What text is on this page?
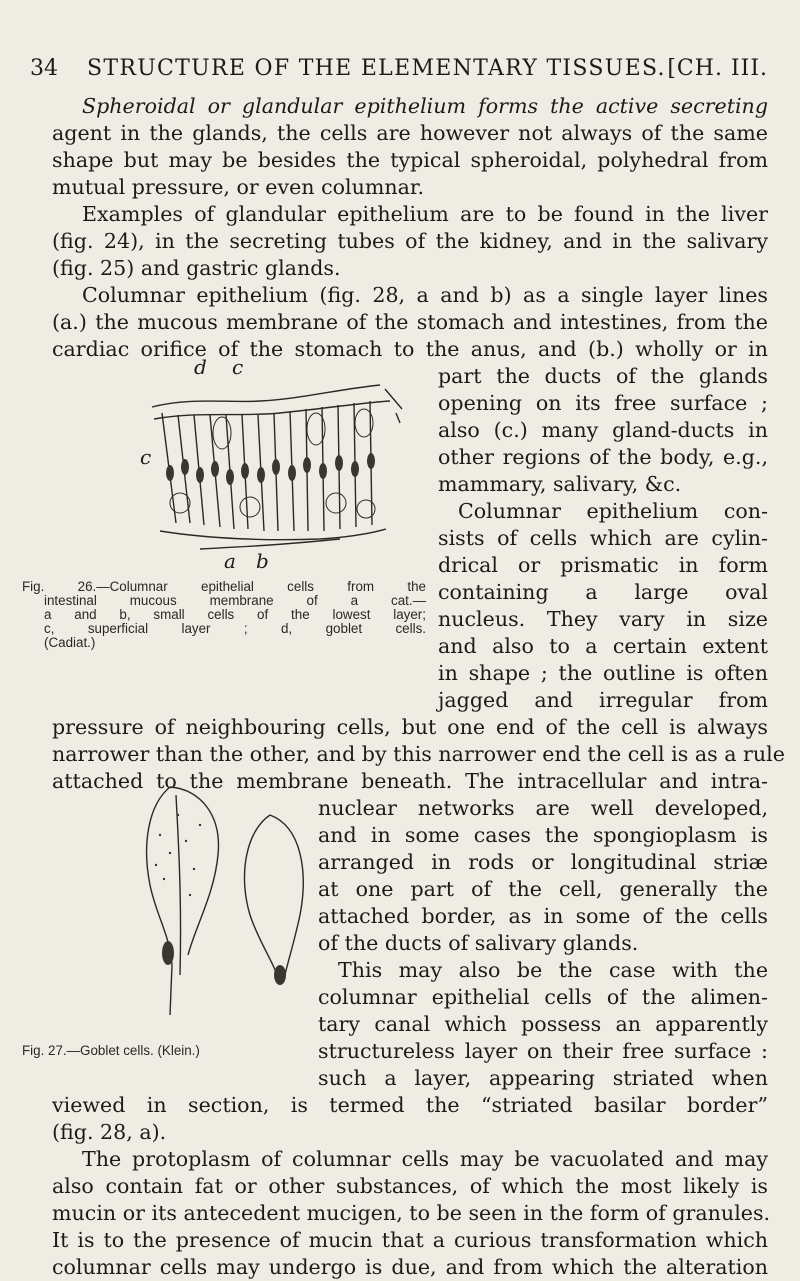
34 STRUCTURE OF THE ELEMENTARY TISSUES. [CH. III.
Spheroidal or glandular epithelium forms the active secreting
agent in the glands, the cells are however not always of the same
shape but may be besides the typical spheroidal, polyhedral from
mutual pressure, or even columnar.
Examples of glandular epithelium are to be found in the liver
(fig. 24), in the secreting tubes of the kidney, and in the salivary
(fig. 25) and gastric glands.
Columnar epithelium (fig. 28, a and b) as a single layer lines
(a.) the mucous membrane of the stomach and intestines, from the
cardiac orifice of the stomach to the anus, and (b.) wholly or in
part the ducts of the glands
opening on its free surface ;
also (c.) many gland-ducts in
other regions of the body, e.g.,
mammary, salivary, &c.
Columnar epithelium con-
sists of cells which are cylin-
drical or prismatic in form
containing a large oval
nucleus. They vary in size
and also to a certain extent
in shape ; the outline is often
jagged and irregular from
pressure of neighbouring cells, but one end of the cell is always
narrower than the other, and by this narrower end the cell is as a rule
attached to the membrane beneath. The intracellular and intra-
nuclear networks are well developed,
and in some cases the spongioplasm is
arranged in rods or longitudinal striæ
at one part of the cell, generally the
attached border, as in some of the cells
of the ducts of salivary glands.
This may also be the case with the
columnar epithelial cells of the alimen-
tary canal which possess an apparently
structureless layer on their free surface :
such a layer, appearing striated when
viewed in section, is termed the “striated basilar border”
(fig. 28, a).
The protoplasm of columnar cells may be vacuolated and may
also contain fat or other substances, of which the most likely is
mucin or its antecedent mucigen, to be seen in the form of granules.
It is to the presence of mucin that a curious transformation which
columnar cells may undergo is due, and from which the alteration
d c
c
a b
Fig. 26.—Columnar epithelial cells from the
intestinal mucous membrane of a cat.—
a and b, small cells of the lowest layer;
c, superficial layer ; d, goblet cells.
(Cadiat.)
Fig. 27.—Goblet cells. (Klein.)
